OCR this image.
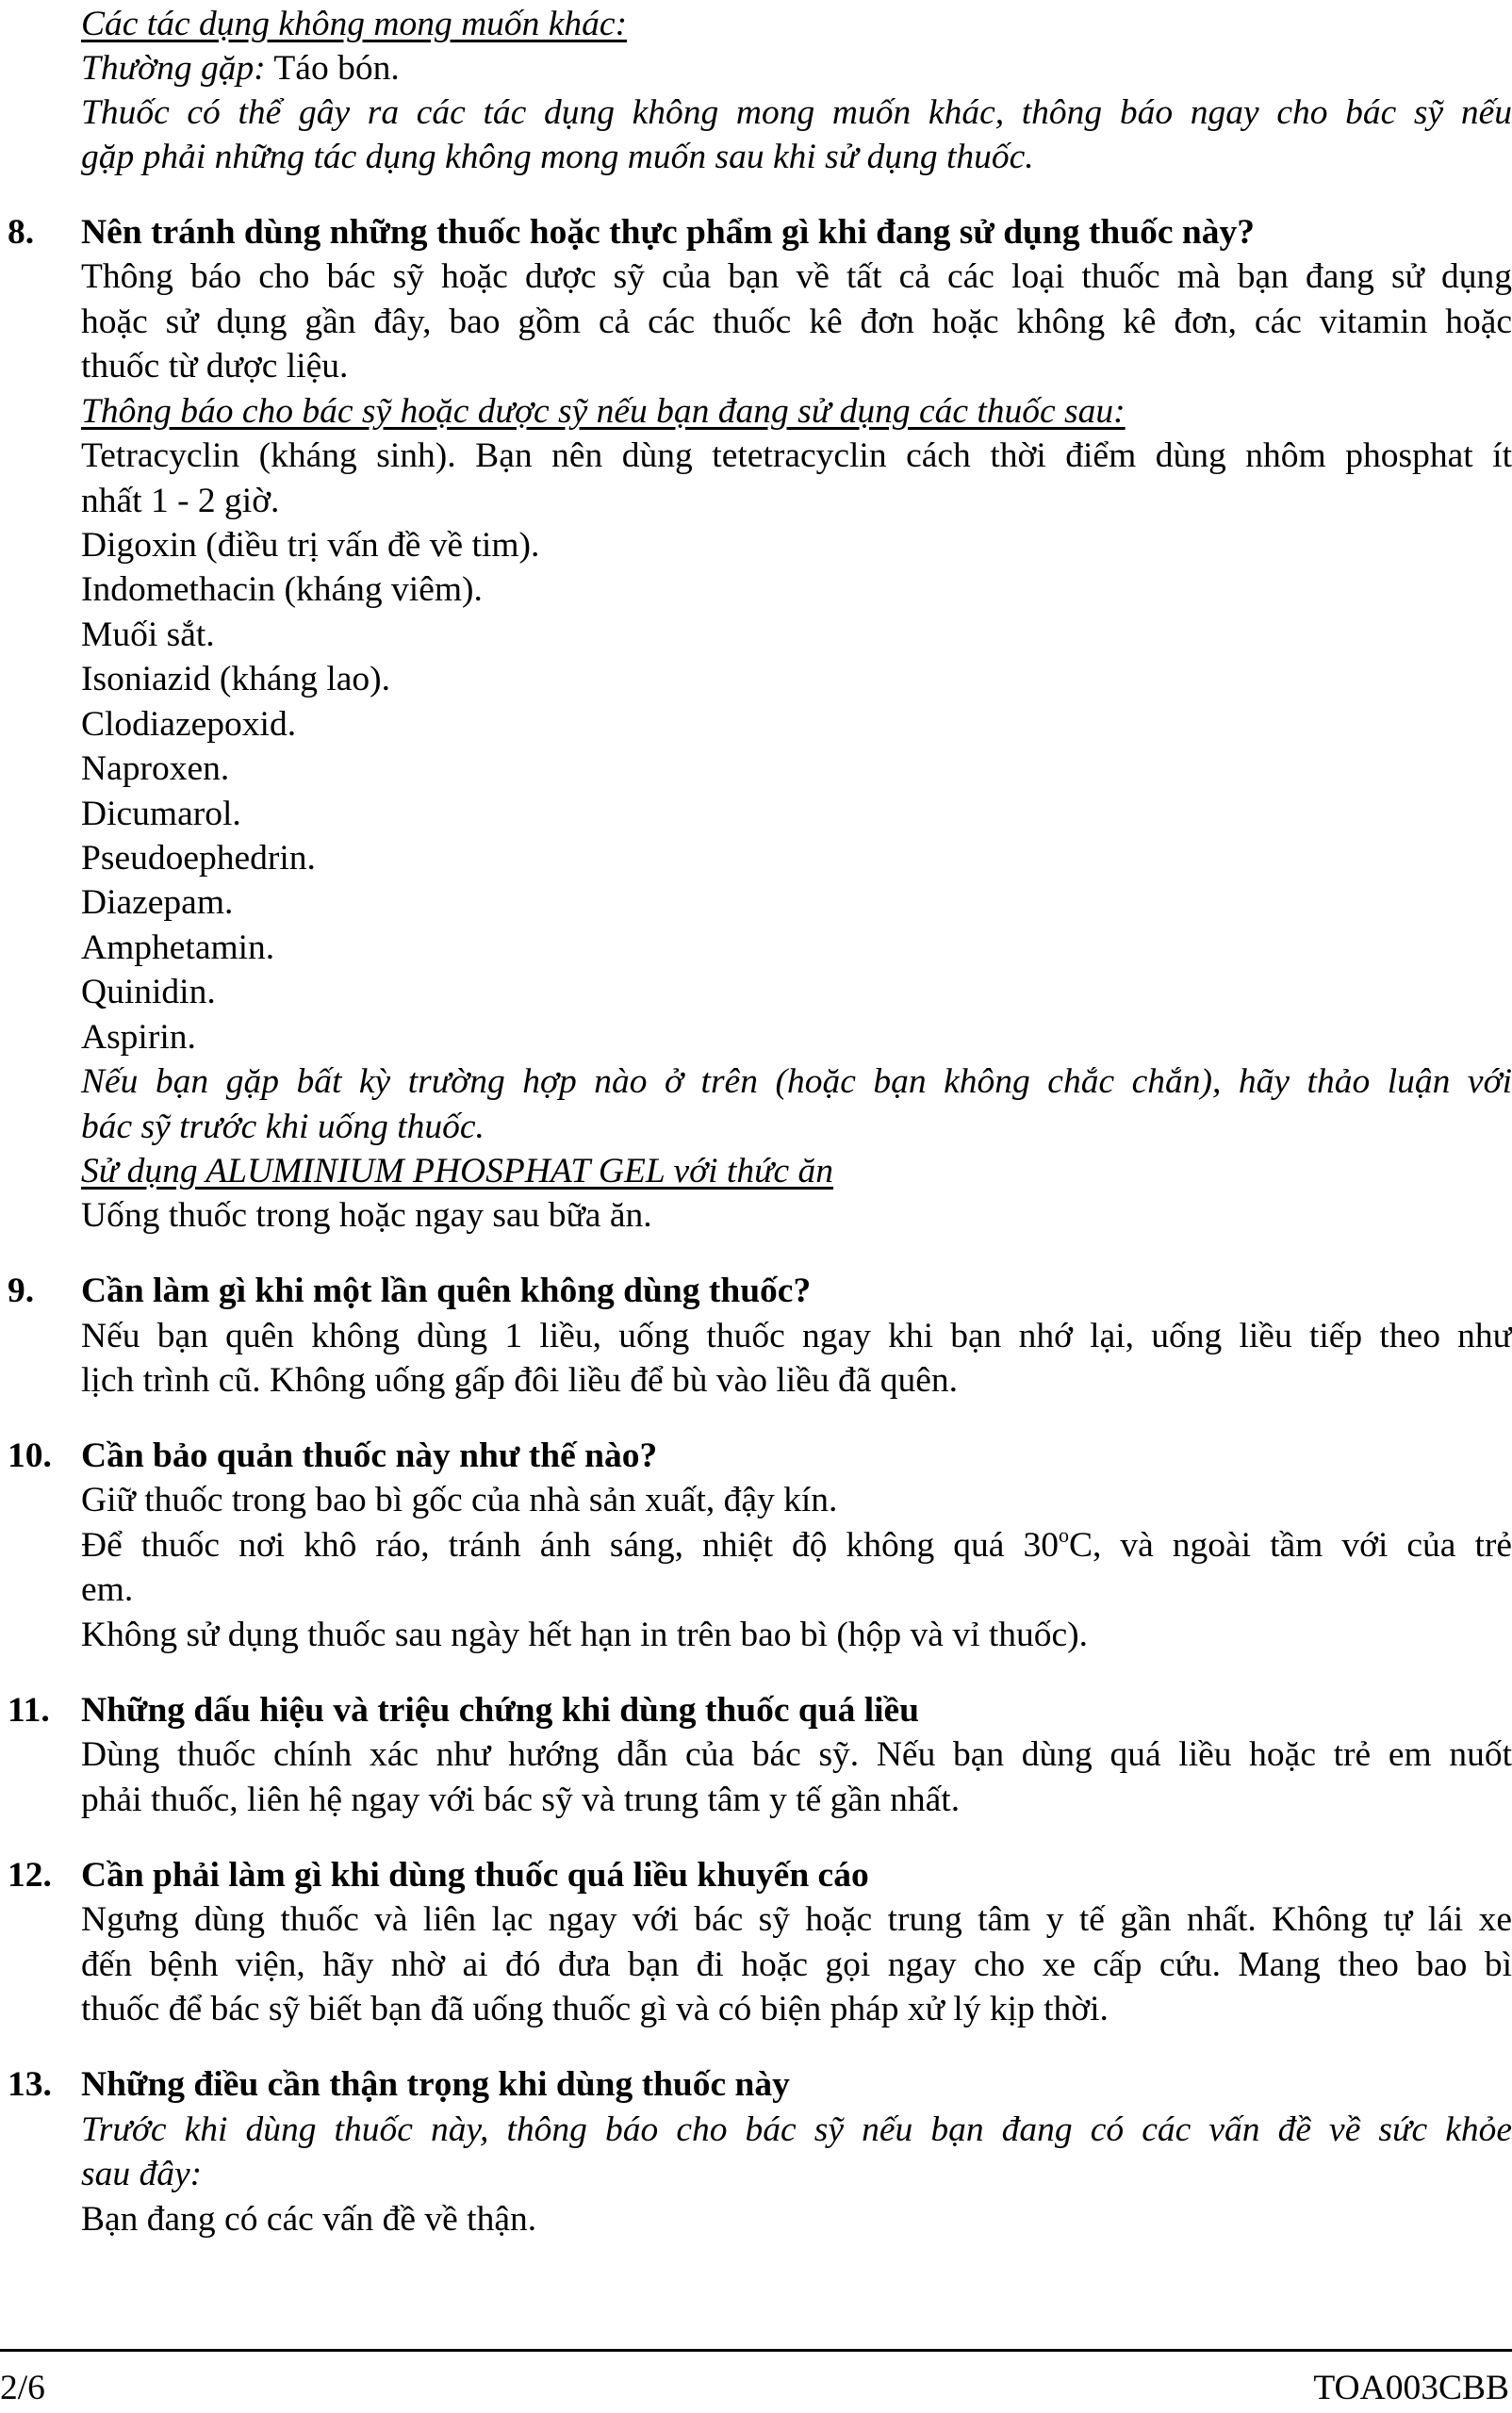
Các tác dụng không mong muốn khác:
Thường gặp: Táo bón.
Thuốc có thể gây ra các tác dụng không mong muốn khác, thông báo ngay cho bác sỹ nếu
gặp phải những tác dụng không mong muốn sau khi sử dụng thuốc.
8. Nên tránh dùng những thuốc hoặc thực phẩm gì khi đang sử dụng thuốc này?
Thông báo cho bác sỹ hoặc dược sỹ của bạn về tất cả các loại thuốc mà bạn đang sử dụng
hoặc sử dụng gần đây, bao gồm cả các thuốc kê đơn hoặc không kê đơn, các vitamin hoặc
thuốc từ dược liệu.
Thông báo cho bác sỹ hoặc dược sỹ nếu bạn đang sử dụng các thuốc sau:
Tetracyclin (kháng sinh). Bạn nên dùng tetetracyclin cách thời điểm dùng nhôm phosphat ít
nhất 1 - 2 giờ.
Digoxin (điều trị vấn đề về tim).
Indomethacin (kháng viêm).
Muối sắt.
Isoniazid (kháng lao).
Clodiazepoxid.
Naproxen.
Dicumarol.
Pseudoephedrin.
Diazepam.
Amphetamin.
Quinidin.
Aspirin.
Nếu bạn gặp bất kỳ trường hợp nào ở trên (hoặc bạn không chắc chắn), hãy thảo luận với
bác sỹ trước khi uống thuốc.
Sử dụng ALUMINIUM PHOSPHAT GEL với thức ăn
Uống thuốc trong hoặc ngay sau bữa ăn.
9. Cần làm gì khi một lần quên không dùng thuốc?
Nếu bạn quên không dùng 1 liều, uống thuốc ngay khi bạn nhớ lại, uống liều tiếp theo như
lịch trình cũ. Không uống gấp đôi liều để bù vào liều đã quên.
10. Cần bảo quản thuốc này như thế nào?
Giữ thuốc trong bao bì gốc của nhà sản xuất, đậy kín.
Để thuốc nơi khô ráo, tránh ánh sáng, nhiệt độ không quá 30$^o$C, và ngoài tầm với của trẻ
em.
Không sử dụng thuốc sau ngày hết hạn in trên bao bì (hộp và vỉ thuốc).
11. Những dấu hiệu và triệu chứng khi dùng thuốc quá liều
Dùng thuốc chính xác như hướng dẫn của bác sỹ. Nếu bạn dùng quá liều hoặc trẻ em nuốt
phải thuốc, liên hệ ngay với bác sỹ và trung tâm y tế gần nhất.
12. Cần phải làm gì khi dùng thuốc quá liều khuyến cáo
Ngưng dùng thuốc và liên lạc ngay với bác sỹ hoặc trung tâm y tế gần nhất. Không tự lái xe
đến bệnh viện, hãy nhờ ai đó đưa bạn đi hoặc gọi ngay cho xe cấp cứu. Mang theo bao bì
thuốc để bác sỹ biết bạn đã uống thuốc gì và có biện pháp xử lý kịp thời.
13. Những điều cần thận trọng khi dùng thuốc này
Trước khi dùng thuốc này, thông báo cho bác sỹ nếu bạn đang có các vấn đề về sức khỏe
sau đây:
Bạn đang có các vấn đề về thận.
2/6	TOA003CBB
